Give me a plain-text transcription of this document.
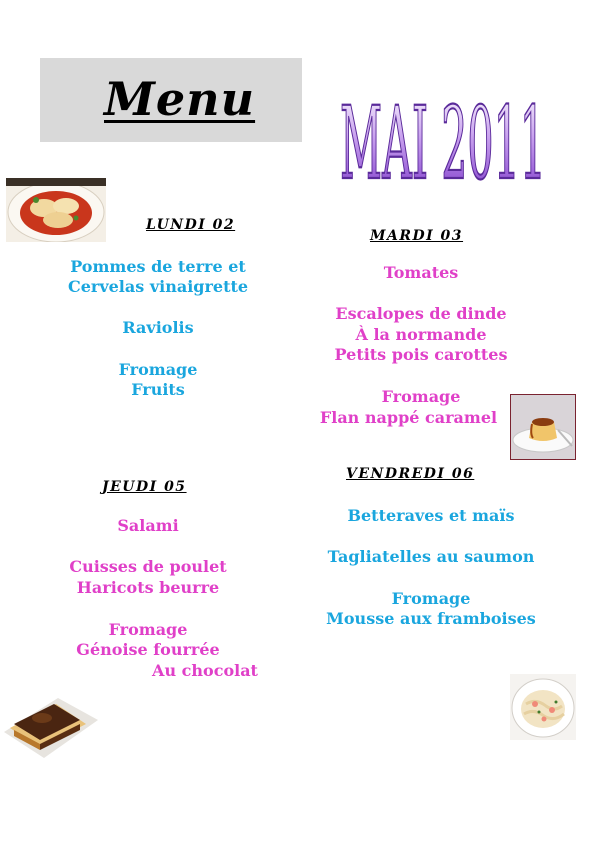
Menu MAI 2011
LUNDI 02
Pommes de terre et
Cervelas vinaigrette
Raviolis
Fromage
Fruits
MARDI 03
Tomates
Escalopes de dinde
À la normande
Petits pois carottes
Fromage
Flan nappé caramel
JEUDI 05
Salami
Cuisses de poulet
Haricots beurre
Fromage
Génoise fourrée
Au chocolat
VENDREDI 06
Betteraves et maïs
Tagliatelles au saumon
Fromage
Mousse aux framboises
